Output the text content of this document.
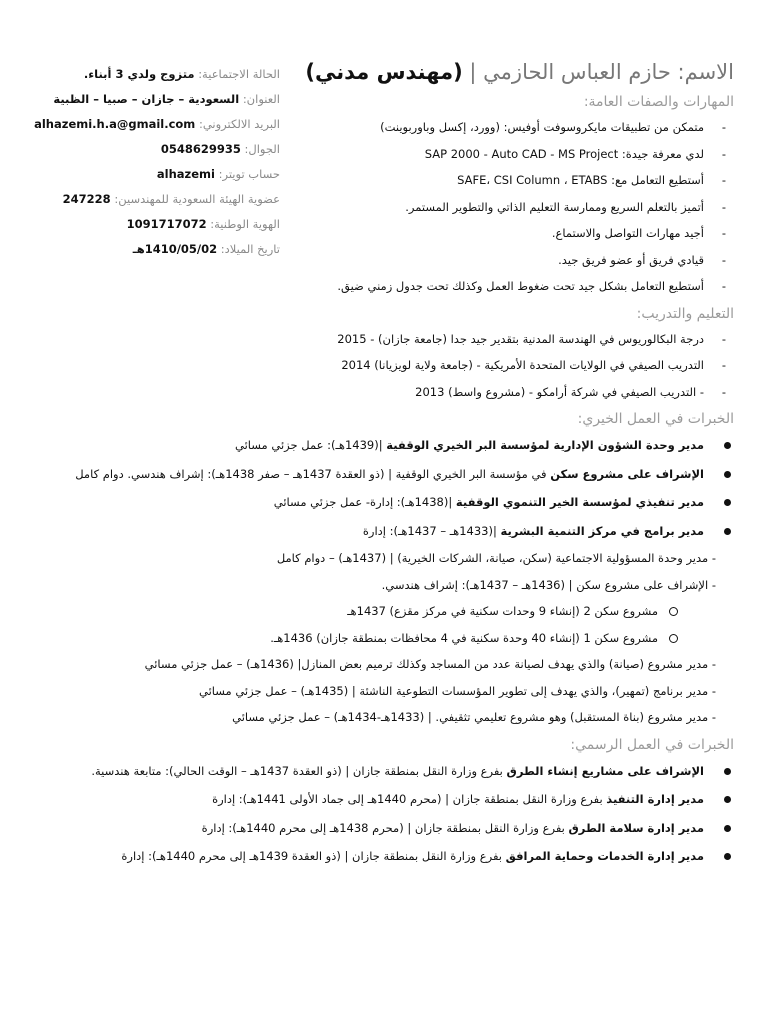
الحالة الاجتماعية: متزوج ولدي 3 أبناء.
العنوان: السعودية – جازان – صبيا – الظبية
البريد الالكتروني: alhazemi.h.a@gmail.com
الجوال: 0548629935
حساب تويتر: alhazemi
عضوية الهيئة السعودية للمهندسين: 247228
الهوية الوطنية: 1091717072
تاريخ الميلاد: 1410/05/02هـ
الاسم: حازم العباس الحازمي | (مهندس مدني)
المهارات والصفات العامة:
-
متمكن من تطبيقات مايكروسوفت أوفيس: (وورد، إكسل وباوربوينت)
-
لدي معرفة جيدة: SAP 2000 - Auto CAD - MS Project
-
أستطيع التعامل مع: SAFE، CSI Column ، ETABS
-
أتميز بالتعلم السريع وممارسة التعليم الذاتي والتطوير المستمر.
-
أجيد مهارات التواصل والاستماع.
-
قيادي فريق أو عضو فريق جيد.
-
أستطيع التعامل بشكل جيد تحت ضغوط العمل وكذلك تحت جدول زمني ضيق.
التعليم والتدريب:
-
درجة البكالوريوس في الهندسة المدنية بتقدير جيد جدا (جامعة جازان) - 2015
-
التدريب الصيفي في الولايات المتحدة الأمريكية - (جامعة ولاية لويزيانا) 2014
-
- التدريب الصيفي في شركة أرامكو - (مشروع واسط) 2013
الخبرات في العمل الخيري:
مدير وحدة الشؤون الإدارية لمؤسسة البر الخيري الوقفية |(1439هـ): عمل جزئي مسائي
الإشراف على مشروع سكن في مؤسسة البر الخيري الوقفية | (ذو العقدة 1437هـ – صفر 1438هـ): إشراف هندسي. دوام كامل
مدير تنفيذي لمؤسسة الخير التنموي الوقفية |(1438هـ): إدارة- عمل جزئي مسائي
مدير برامج في مركز التنمية البشرية |(1433هـ – 1437هـ): إدارة
- مدير وحدة المسؤولية الاجتماعية (سكن، صيانة، الشركات الخيرية) | (1437هـ) – دوام كامل
- الإشراف على مشروع سكن | (1436هـ – 1437هـ): إشراف هندسي.
مشروع سكن 2 (إنشاء 9 وحدات سكنية في مركز مقزع) 1437هـ
مشروع سكن 1 (إنشاء 40 وحدة سكنية في 4 محافظات بمنطقة جازان) 1436هـ.
- مدير مشروع (صيانة) والذي يهدف لصيانة عدد من المساجد وكذلك ترميم بعض المنازل| (1436هـ) – عمل جزئي مسائي
- مدير برنامج (تمهير)، والذي يهدف إلى تطوير المؤسسات التطوعية الناشئة | (1435هـ) – عمل جزئي مسائي
- مدير مشروع (بناة المستقبل) وهو مشروع تعليمي تثقيفي. | (1433هـ-1434هـ) – عمل جزئي مسائي
الخبرات في العمل الرسمي:
الإشراف على مشاريع إنشاء الطرق بفرع وزارة النقل بمنطقة جازان | (ذو العقدة 1437هـ – الوقت الحالي): متابعة هندسية.
مدير إدارة التنفيذ بفرع وزارة النقل بمنطقة جازان | (محرم 1440هـ إلى جماد الأولى 1441هـ): إدارة
مدير إدارة سلامة الطرق بفرع وزارة النقل بمنطقة جازان | (محرم 1438هـ إلى محرم 1440هـ): إدارة
مدير إدارة الخدمات وحماية المرافق بفرع وزارة النقل بمنطقة جازان | (ذو العقدة 1439هـ إلى محرم 1440هـ): إدارة
